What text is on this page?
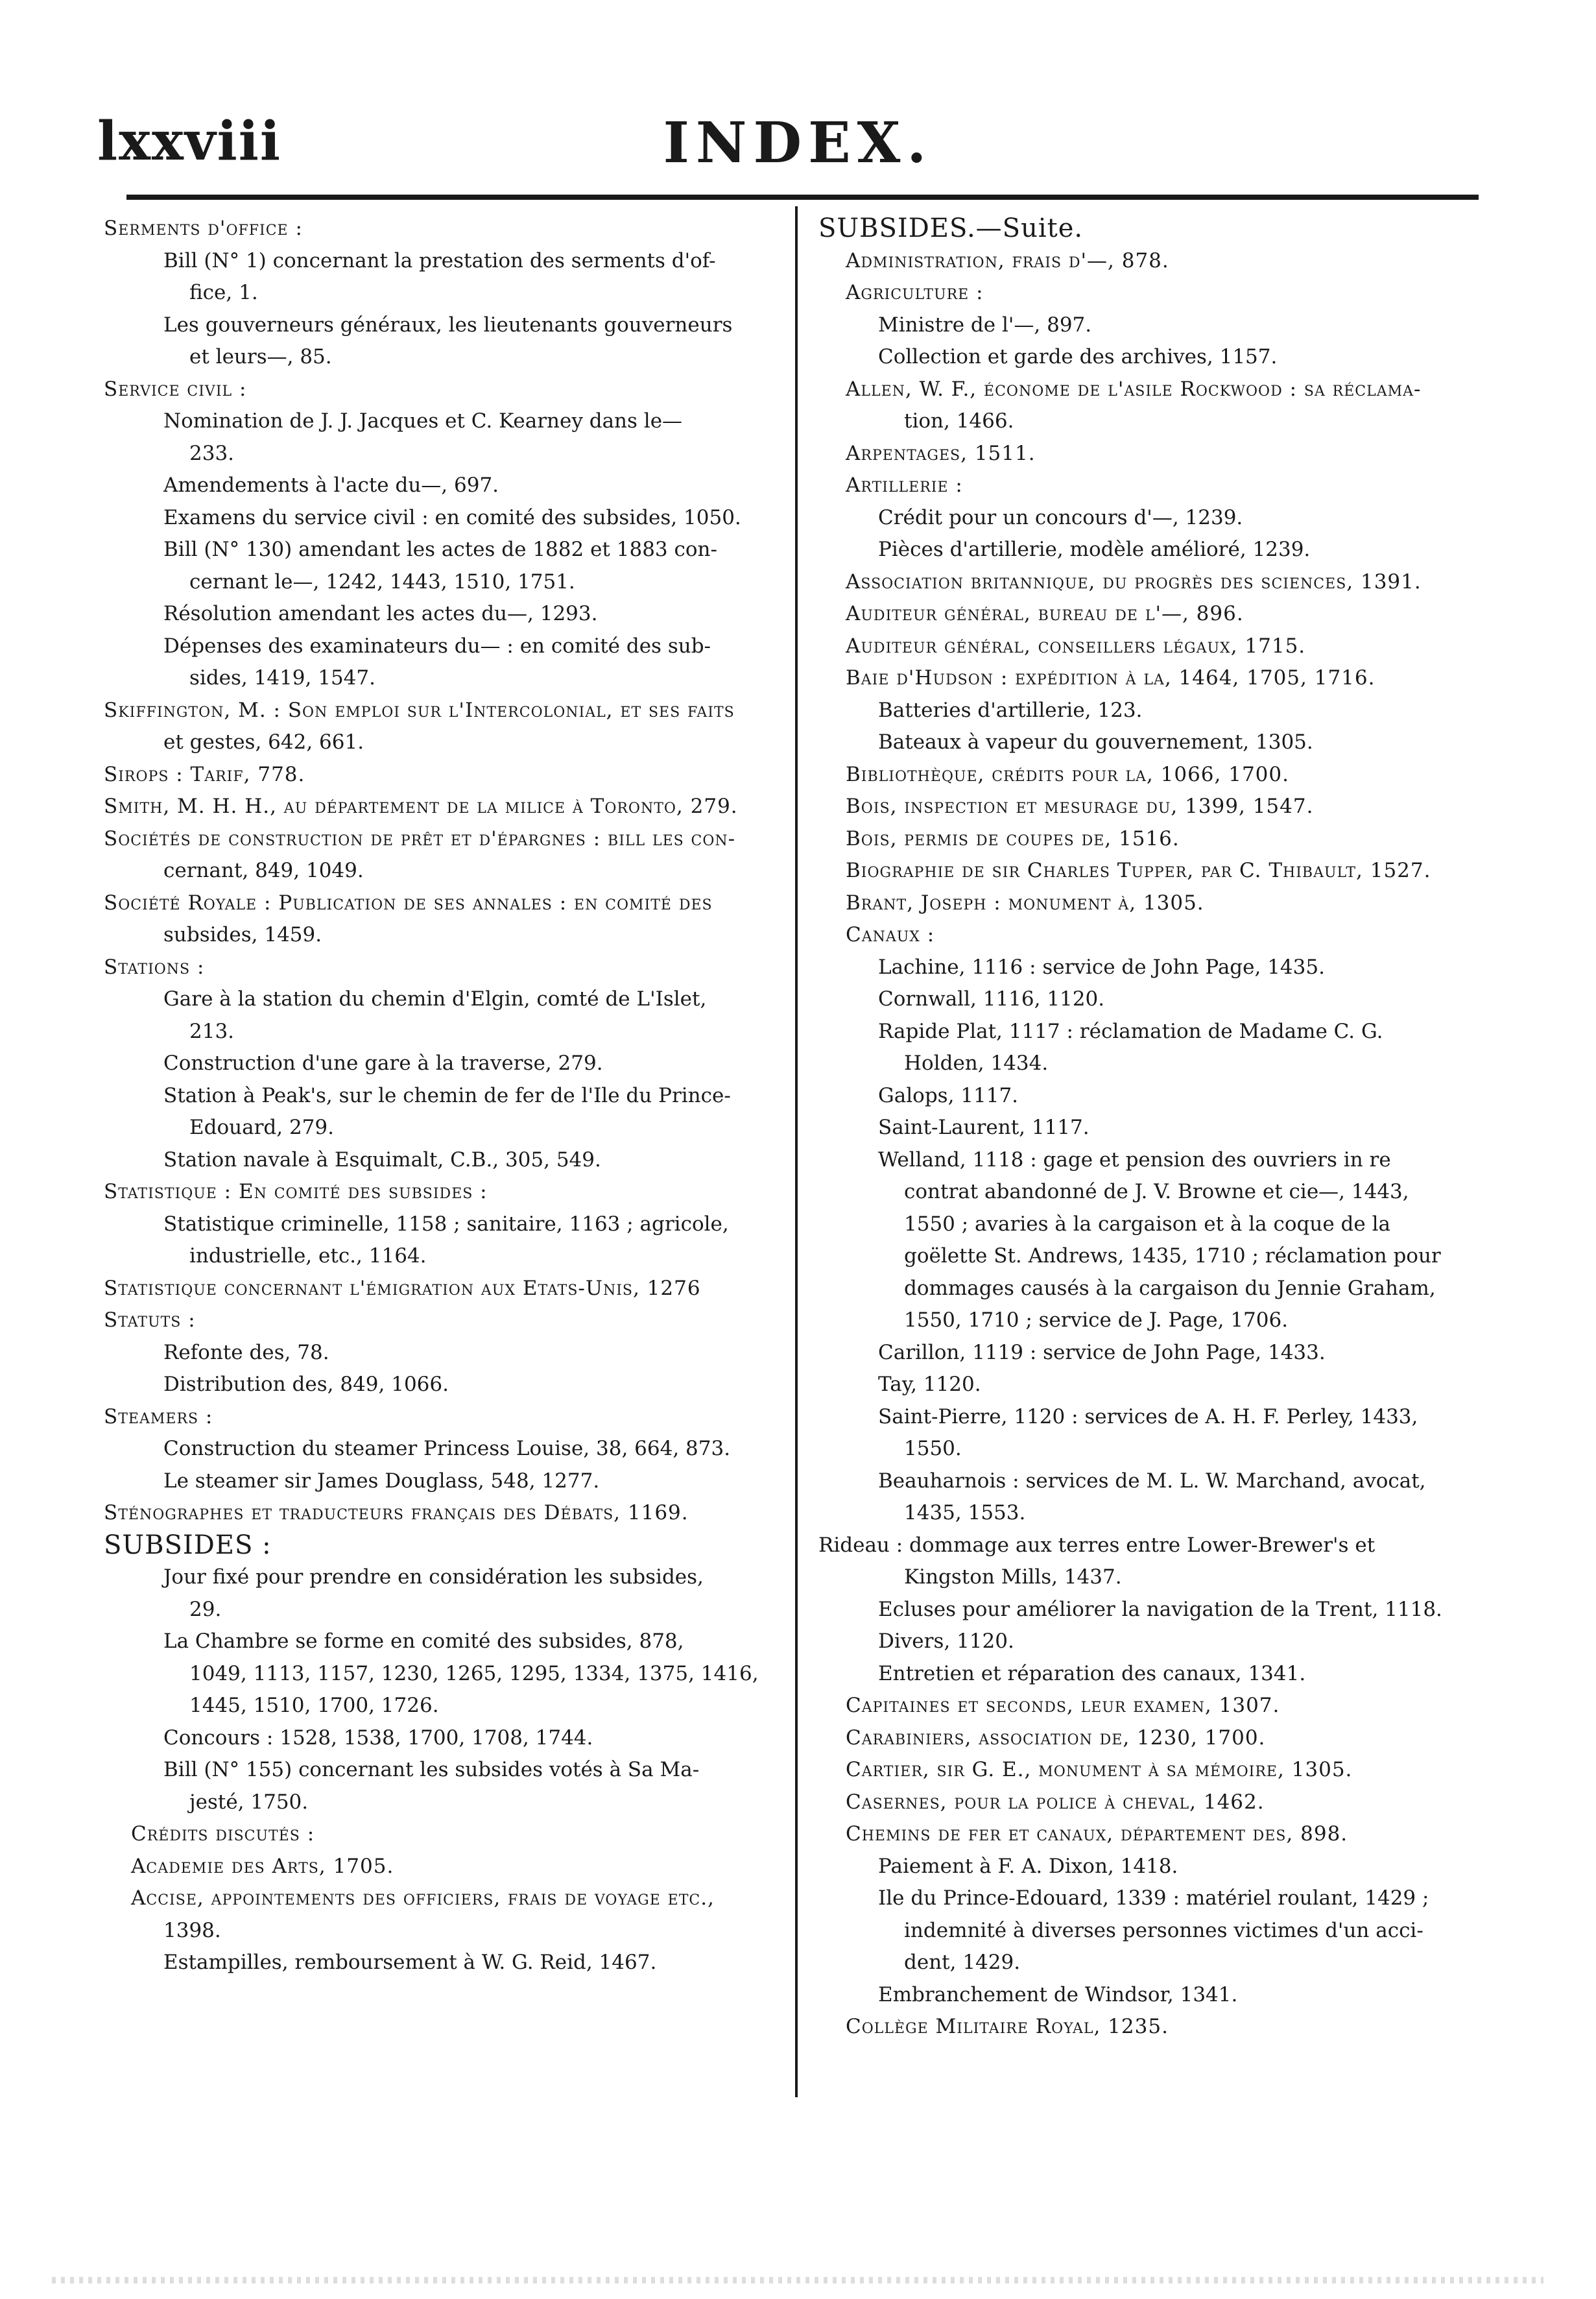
lxxviii	INDEX.
Serments d'office :
Bill (N° 1) concernant la prestation des serments d'of-
fice, 1.
Les gouverneurs généraux, les lieutenants gouverneurs
et leurs—, 85.
Service civil :
Nomination de J. J. Jacques et C. Kearney dans le—
233.
Amendements à l'acte du—, 697.
Examens du service civil : en comité des subsides, 1050.
Bill (N° 130) amendant les actes de 1882 et 1883 con-
cernant le—, 1242, 1443, 1510, 1751.
Résolution amendant les actes du—, 1293.
Dépenses des examinateurs du— : en comité des sub-
sides, 1419, 1547.
Skiffington, M. : Son emploi sur l'Intercolonial, et ses faits
et gestes, 642, 661.
Sirops : Tarif, 778.
Smith, M. H. H., au département de la milice à Toronto, 279.
Sociétés de construction de prêt et d'épargnes : bill les con-
cernant, 849, 1049.
Société Royale : Publication de ses annales : en comité des
subsides, 1459.
Stations :
Gare à la station du chemin d'Elgin, comté de L'Islet,
213.
Construction d'une gare à la traverse, 279.
Station à Peak's, sur le chemin de fer de l'Ile du Prince-
Edouard, 279.
Station navale à Esquimalt, C.B., 305, 549.
Statistique : En comité des subsides :
Statistique criminelle, 1158 ; sanitaire, 1163 ; agricole,
industrielle, etc., 1164.
Statistique concernant l'émigration aux Etats-Unis, 1276
Statuts :
Refonte des, 78.
Distribution des, 849, 1066.
Steamers :
Construction du steamer Princess Louise, 38, 664, 873.
Le steamer sir James Douglass, 548, 1277.
Sténographes et traducteurs français des Débats, 1169.
SUBSIDES :
Jour fixé pour prendre en considération les subsides,
29.
La Chambre se forme en comité des subsides, 878,
1049, 1113, 1157, 1230, 1265, 1295, 1334, 1375, 1416,
1445, 1510, 1700, 1726.
Concours : 1528, 1538, 1700, 1708, 1744.
Bill (N° 155) concernant les subsides votés à Sa Ma-
jesté, 1750.
Crédits discutés :
Academie des Arts, 1705.
Accise, appointements des officiers, frais de voyage etc.,
1398.
Estampilles, remboursement à W. G. Reid, 1467.
SUBSIDES.—Suite.
Administration, frais d'—, 878.
Agriculture :
Ministre de l'—, 897.
Collection et garde des archives, 1157.
Allen, W. F., économe de l'asile Rockwood : sa réclama-
tion, 1466.
Arpentages, 1511.
Artillerie :
Crédit pour un concours d'—, 1239.
Pièces d'artillerie, modèle amélioré, 1239.
Association britannique, du progrès des sciences, 1391.
Auditeur général, bureau de l'—, 896.
Auditeur général, conseillers légaux, 1715.
Baie d'Hudson : expédition à la, 1464, 1705, 1716.
Batteries d'artillerie, 123.
Bateaux à vapeur du gouvernement, 1305.
Bibliothèque, crédits pour la, 1066, 1700.
Bois, inspection et mesurage du, 1399, 1547.
Bois, permis de coupes de, 1516.
Biographie de sir Charles Tupper, par C. Thibault, 1527.
Brant, Joseph : monument à, 1305.
Canaux :
Lachine, 1116 : service de John Page, 1435.
Cornwall, 1116, 1120.
Rapide Plat, 1117 : réclamation de Madame C. G.
Holden, 1434.
Galops, 1117.
Saint-Laurent, 1117.
Welland, 1118 : gage et pension des ouvriers in re
contrat abandonné de J. V. Browne et cie—, 1443,
1550 ; avaries à la cargaison et à la coque de la
goëlette St. Andrews, 1435, 1710 ; réclamation pour
dommages causés à la cargaison du Jennie Graham,
1550, 1710 ; service de J. Page, 1706.
Carillon, 1119 : service de John Page, 1433.
Tay, 1120.
Saint-Pierre, 1120 : services de A. H. F. Perley, 1433,
1550.
Beauharnois : services de M. L. W. Marchand, avocat,
1435, 1553.
Rideau : dommage aux terres entre Lower-Brewer's et
Kingston Mills, 1437.
Ecluses pour améliorer la navigation de la Trent, 1118.
Divers, 1120.
Entretien et réparation des canaux, 1341.
Capitaines et seconds, leur examen, 1307.
Carabiniers, association de, 1230, 1700.
Cartier, sir G. E., monument à sa mémoire, 1305.
Casernes, pour la police à cheval, 1462.
Chemins de fer et canaux, département des, 898.
Paiement à F. A. Dixon, 1418.
Ile du Prince-Edouard, 1339 : matériel roulant, 1429 ;
indemnité à diverses personnes victimes d'un acci-
dent, 1429.
Embranchement de Windsor, 1341.
Collège Militaire Royal, 1235.
